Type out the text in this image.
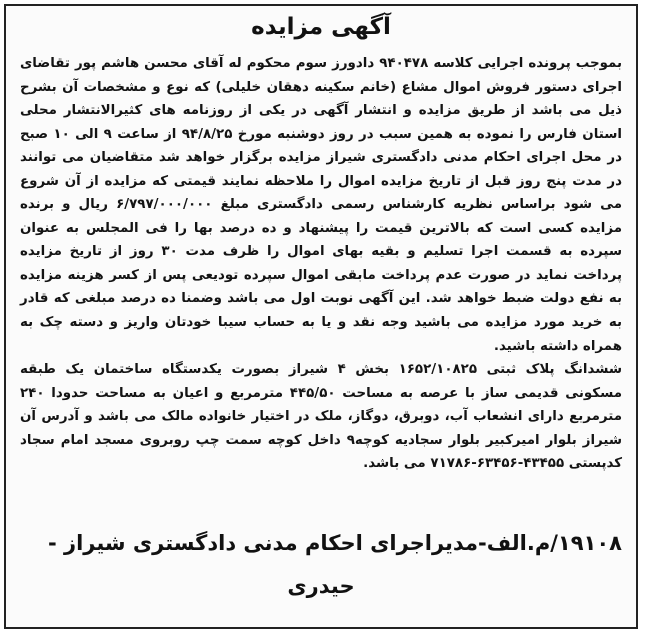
آگهی مزایده

بموجب پرونده اجرایی کلاسه ۹۴۰۴۷۸ دادورز سوم محکوم له آقای محسن هاشم پور تقاضای اجرای دستور فروش اموال مشاع (خانم سکینه دهقان خلیلی) که نوع و مشخصات آن بشرح ذیل می باشد از طریق مزایده و انتشار آگهی در یکی از روزنامه های کثیرالانتشار محلی استان فارس را نموده به همین سبب در روز دوشنبه مورخ ۹۴/۸/۲۵ از ساعت ۹ الی ۱۰ صبح در محل اجرای احکام مدنی دادگستری شیراز مزایده برگزار خواهد شد متقاضیان می توانند در مدت پنج روز قبل از تاریخ مزایده اموال را ملاحظه نمایند قیمتی که مزایده از آن شروع می شود براساس نظریه کارشناس رسمی دادگستری مبلغ ۶/۷۹۷/۰۰۰/۰۰۰ ریال و برنده مزایده کسی است که بالاترین قیمت را پیشنهاد و ده درصد بها را فی المجلس به عنوان سپرده به قسمت اجرا تسلیم و بقیه بهای اموال را ظرف مدت ۳۰ روز از تاریخ مزایده پرداخت نماید در صورت عدم پرداخت مابقی اموال سپرده تودیعی پس از کسر هزینه مزایده به نفع دولت ضبط خواهد شد. این آگهی نوبت اول می باشد وضمنا ده درصد مبلغی که قادر به خرید مورد مزایده می باشید وجه نقد و یا به حساب سیبا خودتان واریز و دسته چک به همراه داشته باشید.

ششدانگ پلاک ثبتی ۱۶۵۲/۱۰۸۲۵ بخش ۴ شیراز بصورت یکدستگاه ساختمان یک طبقه مسکونی قدیمی ساز با عرصه به مساحت ۴۴۵/۵۰ مترمربع و اعیان به مساحت حدودا ۲۴۰ مترمربع دارای انشعاب آب، دوبرق، دوگاز، ملک در اختیار خانواده مالک می باشد و آدرس آن شیراز بلوار امیرکبیر بلوار سجادیه کوچه۹ داخل کوچه سمت چپ روبروی مسجد امام سجاد کدپستی ۴۳۴۵۵-۶۳۴۵۶-۷۱۷۸۶ می باشد.

۱۹۱۰۸/م.الف-مدیراجرای احکام مدنی دادگستری شیراز -
حیدری
